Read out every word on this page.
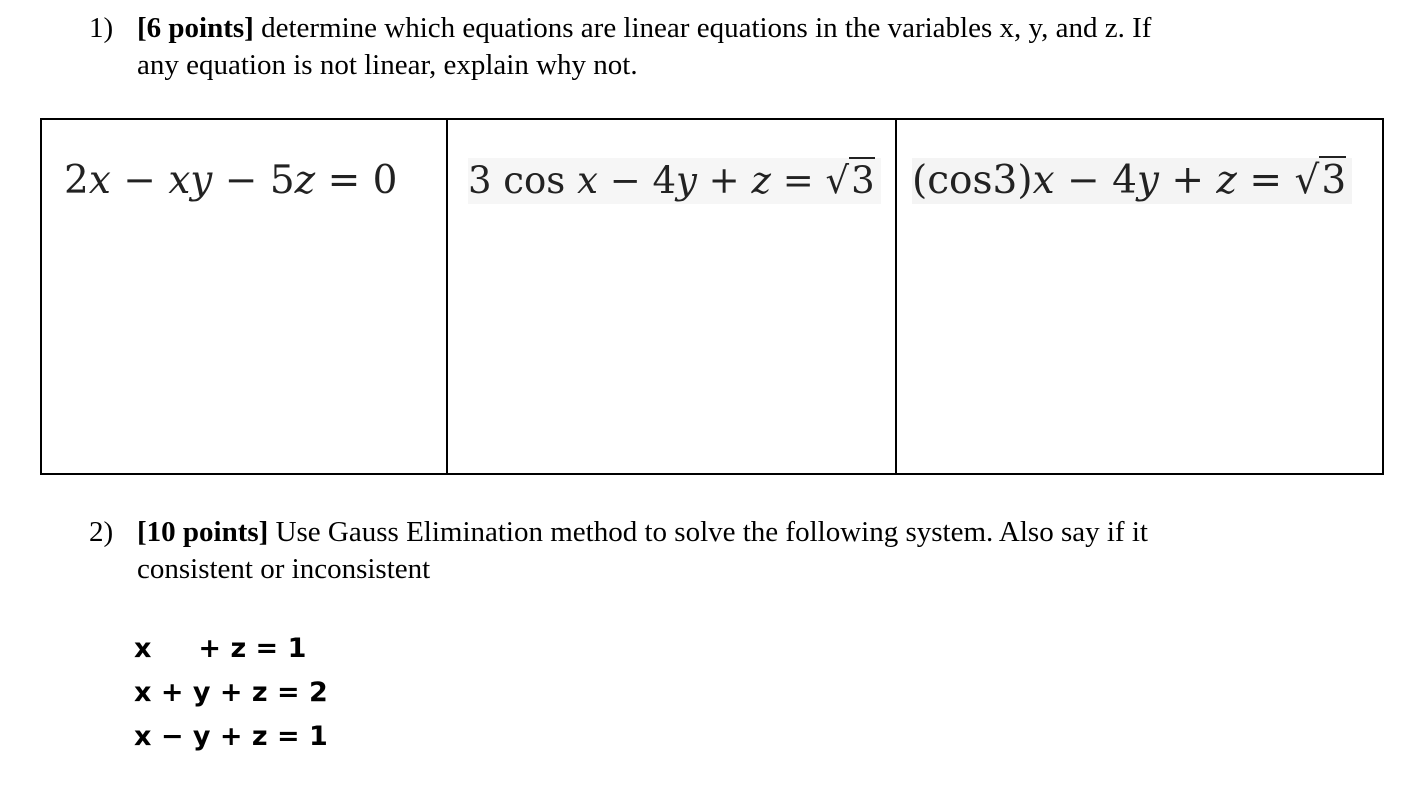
1) [6 points] determine which equations are linear equations in the variables x, y, and z. If
any equation is not linear, explain why not.
2x − xy − 5z = 0	3 cos x − 4y + z = √3	(cos3)x − 4y + z = √3
2) [10 points] Use Gauss Elimination method to solve the following system. Also say if it
consistent or inconsistent
x     + z = 1
x + y + z = 2
x − y + z = 1
